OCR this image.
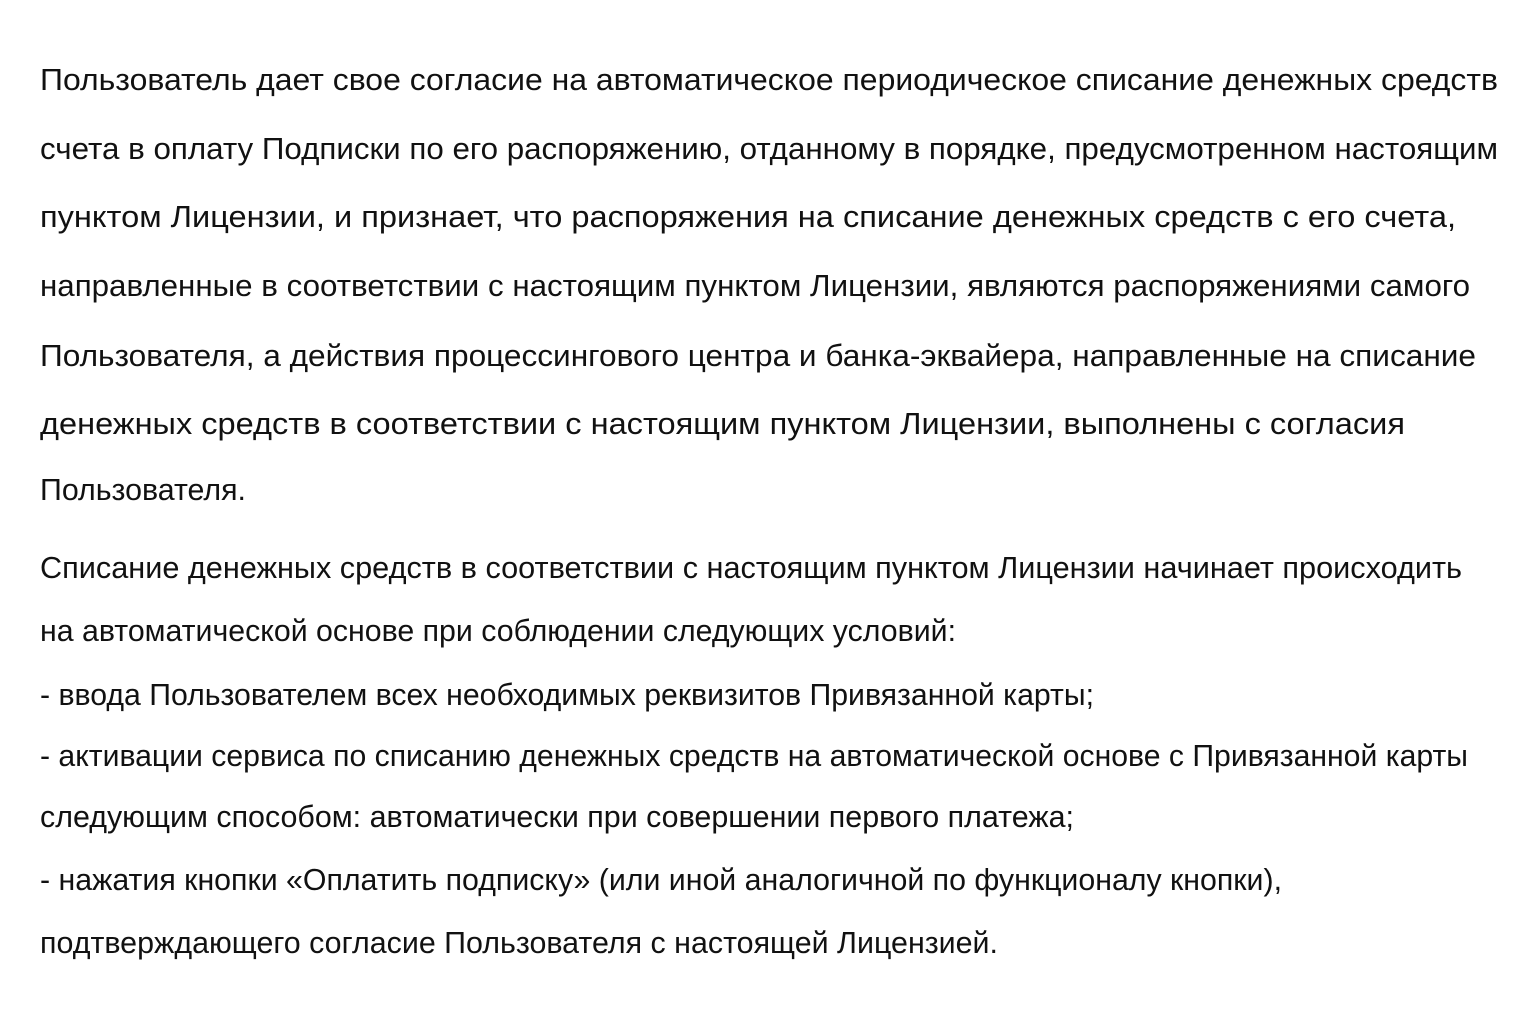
Пользователь дает свое согласие на автоматическое периодическое списание денежных средств
счета в оплату Подписки по его распоряжению, отданному в порядке, предусмотренном настоящим
пунктом Лицензии, и признает, что распоряжения на списание денежных средств с его счета,
направленные в соответствии с настоящим пунктом Лицензии, являются распоряжениями самого
Пользователя, а действия процессингового центра и банка-эквайера, направленные на списание
денежных средств в соответствии с настоящим пунктом Лицензии, выполнены с согласия
Пользователя.
Списание денежных средств в соответствии с настоящим пунктом Лицензии начинает происходить
на автоматической основе при соблюдении следующих условий:
- ввода Пользователем всех необходимых реквизитов Привязанной карты;
- активации сервиса по списанию денежных средств на автоматической основе с Привязанной карты
следующим способом: автоматически при совершении первого платежа;
- нажатия кнопки «Оплатить подписку» (или иной аналогичной по функционалу кнопки),
подтверждающего согласие Пользователя с настоящей Лицензией.
